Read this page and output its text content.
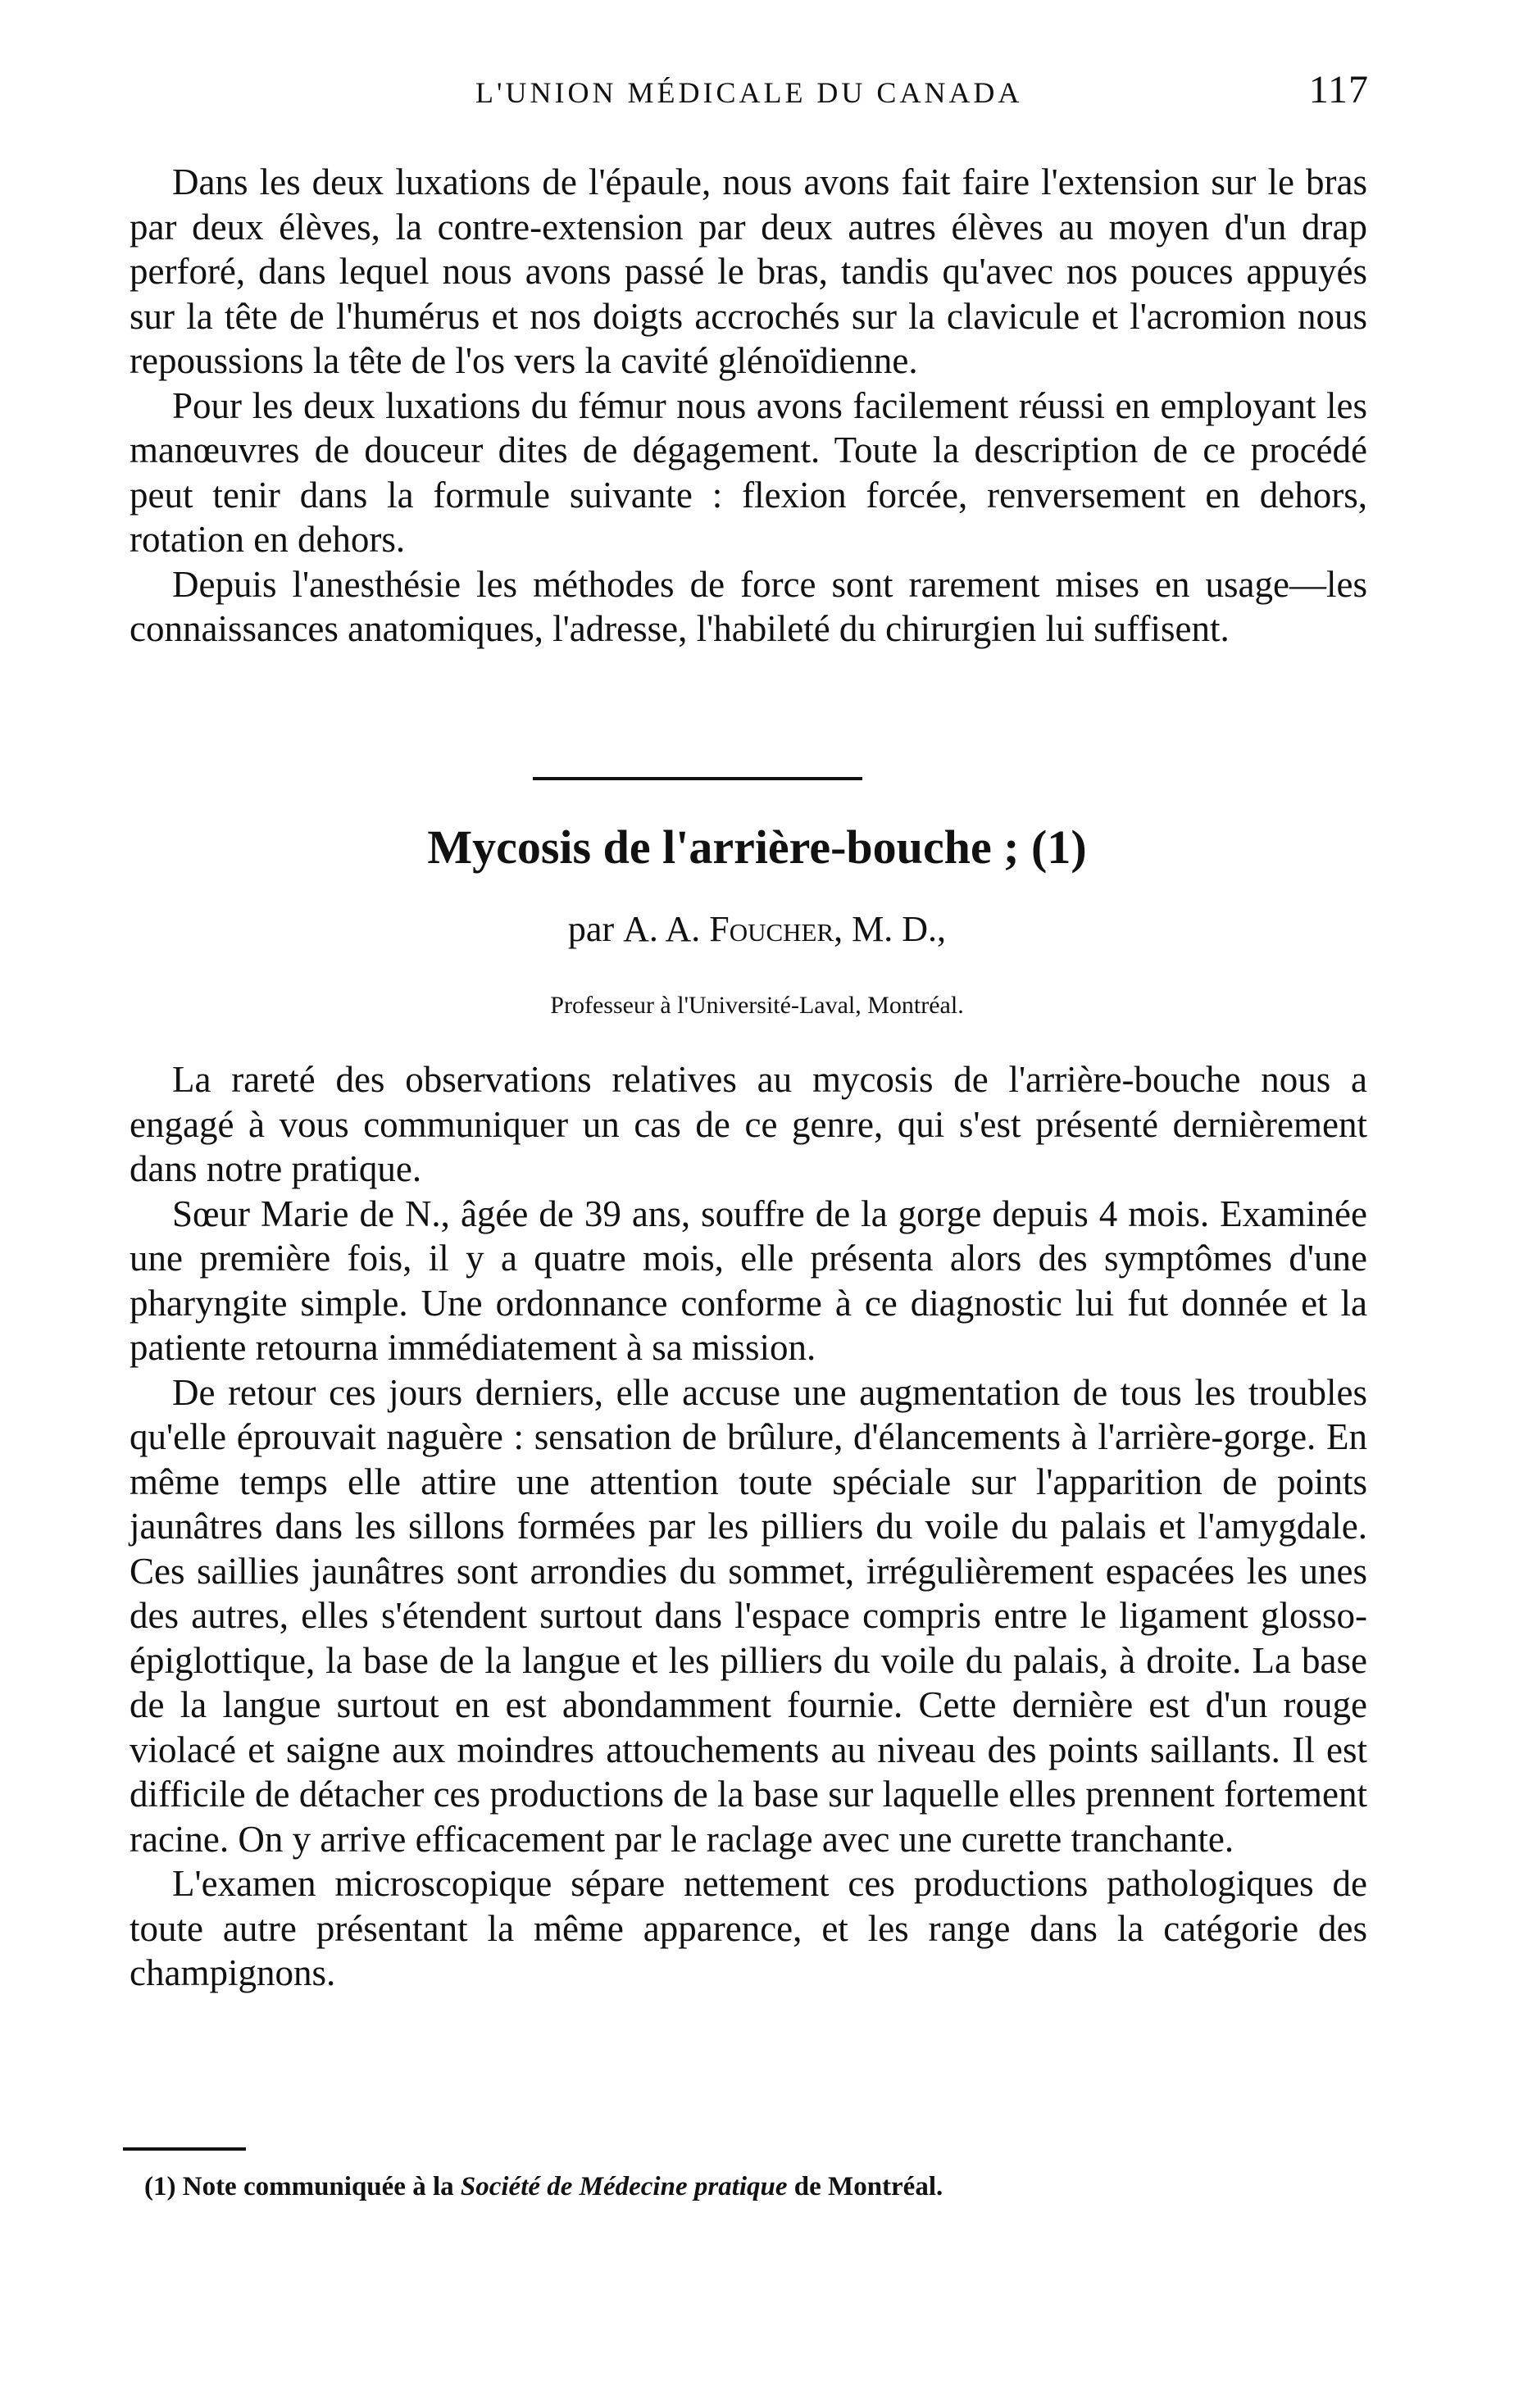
L'UNION MÉDICALE DU CANADA	117

Dans les deux luxations de l'épaule, nous avons fait faire l'extension sur le bras par deux élèves, la contre-extension par deux autres élèves au moyen d'un drap perforé, dans lequel nous avons passé le bras, tandis qu'avec nos pouces appuyés sur la tête de l'humérus et nos doigts accrochés sur la clavicule et l'acromion nous repoussions la tête de l'os vers la cavité glénoïdienne.

Pour les deux luxations du fémur nous avons facilement réussi en employant les manœuvres de douceur dites de dégagement. Toute la description de ce procédé peut tenir dans la formule suivante : flexion forcée, renversement en dehors, rotation en dehors.

Depuis l'anesthésie les méthodes de force sont rarement mises en usage—les connaissances anatomiques, l'adresse, l'habileté du chirurgien lui suffisent.

Mycosis de l'arrière-bouche ; (1)
par A. A. Foucher, M. D.,
Professeur à l'Université-Laval, Montréal.

La rareté des observations relatives au mycosis de l'arrière-bouche nous a engagé à vous communiquer un cas de ce genre, qui s'est présenté dernièrement dans notre pratique.

Sœur Marie de N., âgée de 39 ans, souffre de la gorge depuis 4 mois. Examinée une première fois, il y a quatre mois, elle présenta alors des symptômes d'une pharyngite simple. Une ordonnance conforme à ce diagnostic lui fut donnée et la patiente retourna immédiatement à sa mission.

De retour ces jours derniers, elle accuse une augmentation de tous les troubles qu'elle éprouvait naguère : sensation de brûlure, d'élancements à l'arrière-gorge. En même temps elle attire une attention toute spéciale sur l'apparition de points jaunâtres dans les sillons formées par les pilliers du voile du palais et l'amygdale. Ces saillies jaunâtres sont arrondies du sommet, irrégulièrement espacées les unes des autres, elles s'étendent surtout dans l'espace compris entre le ligament glosso-épiglottique, la base de la langue et les pilliers du voile du palais, à droite. La base de la langue surtout en est abondamment fournie. Cette dernière est d'un rouge violacé et saigne aux moindres attouchements au niveau des points saillants. Il est difficile de détacher ces productions de la base sur laquelle elles prennent fortement racine. On y arrive efficacement par le raclage avec une curette tranchante.

L'examen microscopique sépare nettement ces productions pathologiques de toute autre présentant la même apparence, et les range dans la catégorie des champignons.

(1) Note communiquée à la Société de Médecine pratique de Montréal.
